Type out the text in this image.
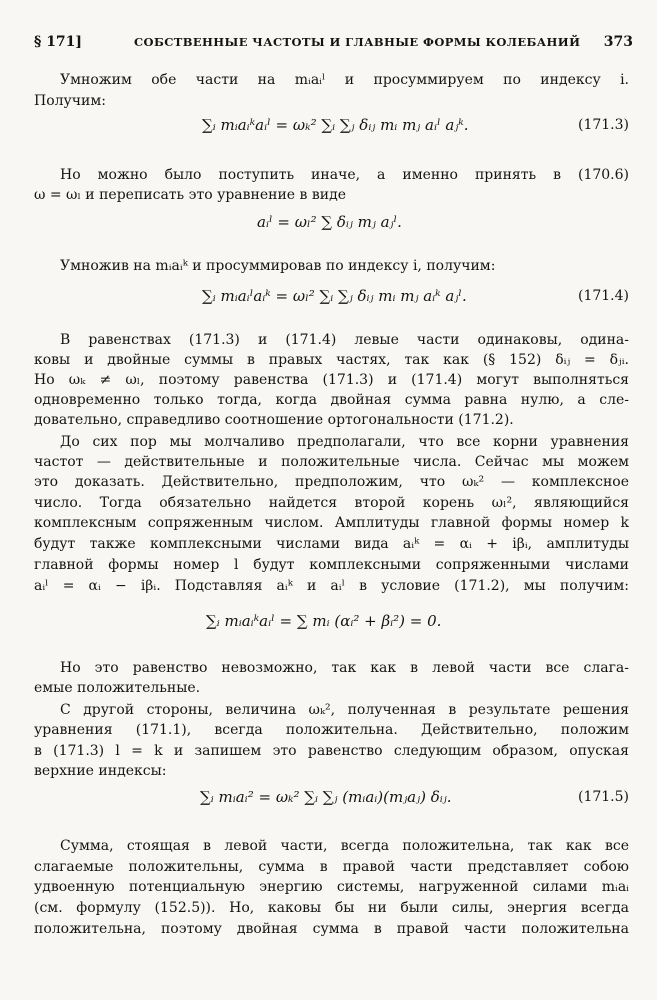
§ 171]	СОБСТВЕННЫЕ ЧАСТОТЫ И ГЛАВНЫЕ ФОРМЫ КОЛЕБАНИЙ 373
Умножим обе части на mᵢaᵢˡ и просуммируем по индексу i.
Получим:
∑ᵢ mᵢaᵢᵏaᵢˡ = ωₖ² ∑ᵢ ∑ⱼ δᵢⱼ mᵢ mⱼ aᵢˡ aⱼᵏ.	(171.3)
Но можно было поступить иначе, а именно принять в (170.6)
ω = ωₗ и переписать это уравнение в виде
aᵢˡ = ωₗ² ∑ δᵢⱼ mⱼ aⱼˡ.
Умножив на mᵢaᵢᵏ и просуммировав по индексу i, получим:
∑ᵢ mᵢaᵢˡaᵢᵏ = ωₗ² ∑ᵢ ∑ⱼ δᵢⱼ mᵢ mⱼ aᵢᵏ aⱼˡ.	(171.4)
В равенствах (171.3) и (171.4) левые части одинаковы, одина-
ковы и двойные суммы в правых частях, так как (§ 152) δᵢⱼ = δⱼᵢ.
Но ωₖ ≠ ωₗ, поэтому равенства (171.3) и (171.4) могут выполняться
одновременно только тогда, когда двойная сумма равна нулю, а сле-
довательно, справедливо соотношение ортогональности (171.2).
До сих пор мы молчаливо предполагали, что все корни уравнения
частот — действительные и положительные числа. Сейчас мы можем
это доказать. Действительно, предположим, что ωₖ² — комплексное
число. Тогда обязательно найдется второй корень ωₗ², являющийся
комплексным сопряженным числом. Амплитуды главной формы номер k
будут также комплексными числами вида aᵢᵏ = αᵢ + iβᵢ, амплитуды
главной формы номер l будут комплексными сопряженными числами
aᵢˡ = αᵢ − iβᵢ. Подставляя aᵢᵏ и aᵢˡ в условие (171.2), мы получим:
∑ᵢ mᵢaᵢᵏaᵢˡ = ∑ mᵢ (αᵢ² + βᵢ²) = 0.
Но это равенство невозможно, так как в левой части все слага-
емые положительные.
С другой стороны, величина ωₖ², полученная в результате решения
уравнения (171.1), всегда положительна. Действительно, положим
в (171.3) l = k и запишем это равенство следующим образом, опуская
верхние индексы:
∑ᵢ mᵢaᵢ² = ωₖ² ∑ᵢ ∑ⱼ (mᵢaᵢ)(mⱼaⱼ) δᵢⱼ.	(171.5)
Сумма, стоящая в левой части, всегда положительна, так как все
слагаемые положительны, сумма в правой части представляет собою
удвоенную потенциальную энергию системы, нагруженной силами mᵢaᵢ
(см. формулу (152.5)). Но, каковы бы ни были силы, энергия всегда
положительна, поэтому двойная сумма в правой части положительна
